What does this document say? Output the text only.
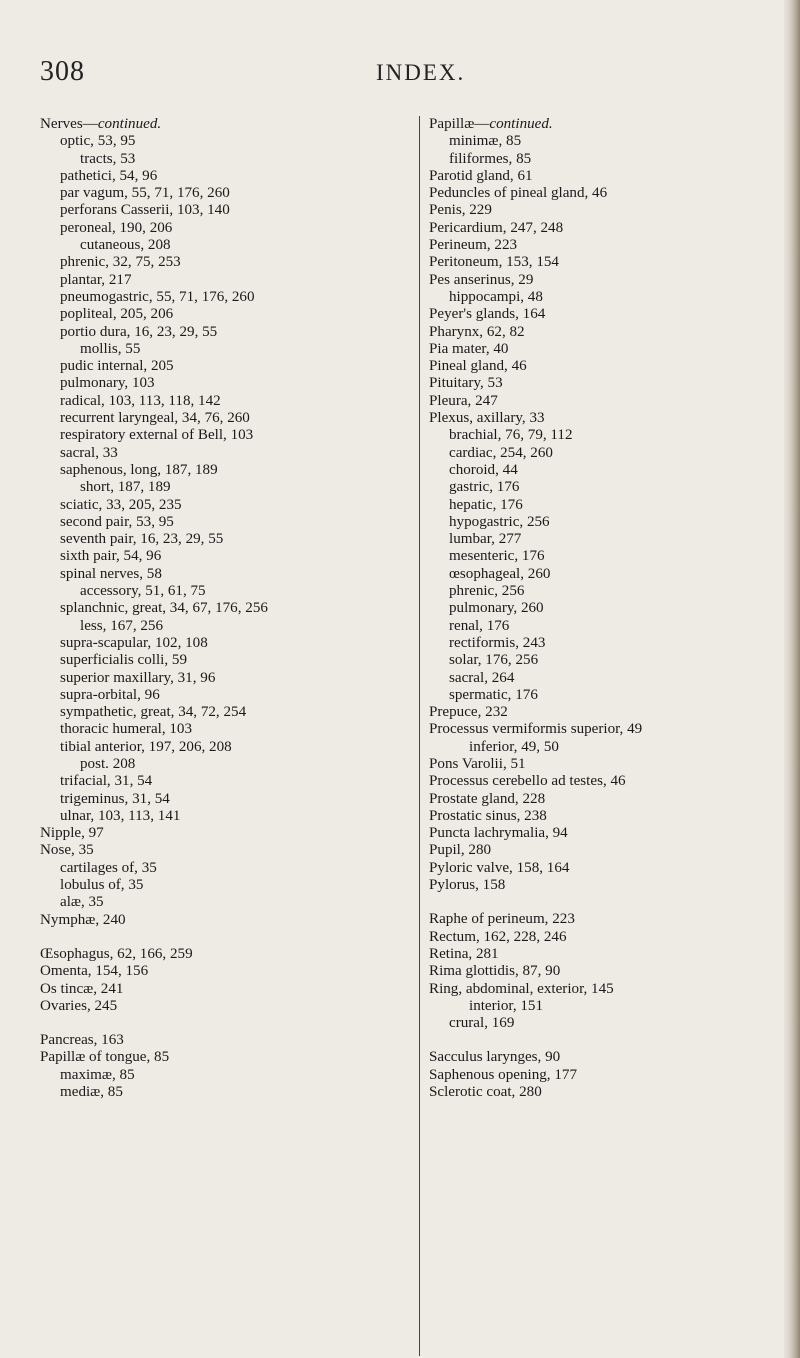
308	INDEX.
Nerves—continued.
optic, 53, 95
tracts, 53
pathetici, 54, 96
par vagum, 55, 71, 176, 260
perforans Casserii, 103, 140
peroneal, 190, 206
cutaneous, 208
phrenic, 32, 75, 253
plantar, 217
pneumogastric, 55, 71, 176, 260
popliteal, 205, 206
portio dura, 16, 23, 29, 55
mollis, 55
pudic internal, 205
pulmonary, 103
radical, 103, 113, 118, 142
recurrent laryngeal, 34, 76, 260
respiratory external of Bell, 103
sacral, 33
saphenous, long, 187, 189
short, 187, 189
sciatic, 33, 205, 235
second pair, 53, 95
seventh pair, 16, 23, 29, 55
sixth pair, 54, 96
spinal nerves, 58
accessory, 51, 61, 75
splanchnic, great, 34, 67, 176, 256
less, 167, 256
supra-scapular, 102, 108
superficialis colli, 59
superior maxillary, 31, 96
supra-orbital, 96
sympathetic, great, 34, 72, 254
thoracic humeral, 103
tibial anterior, 197, 206, 208
post. 208
trifacial, 31, 54
trigeminus, 31, 54
ulnar, 103, 113, 141
Nipple, 97
Nose, 35
cartilages of, 35
lobulus of, 35
alæ, 35
Nymphæ, 240
Œsophagus, 62, 166, 259
Omenta, 154, 156
Os tincæ, 241
Ovaries, 245
Pancreas, 163
Papillæ of tongue, 85
maximæ, 85
mediæ, 85
Papillæ—continued.
minimæ, 85
filiformes, 85
Parotid gland, 61
Peduncles of pineal gland, 46
Penis, 229
Pericardium, 247, 248
Perineum, 223
Peritoneum, 153, 154
Pes anserinus, 29
hippocampi, 48
Peyer's glands, 164
Pharynx, 62, 82
Pia mater, 40
Pineal gland, 46
Pituitary, 53
Pleura, 247
Plexus, axillary, 33
brachial, 76, 79, 112
cardiac, 254, 260
choroid, 44
gastric, 176
hepatic, 176
hypogastric, 256
lumbar, 277
mesenteric, 176
œsophageal, 260
phrenic, 256
pulmonary, 260
renal, 176
rectiformis, 243
solar, 176, 256
sacral, 264
spermatic, 176
Prepuce, 232
Processus vermiformis superior, 49
inferior, 49, 50
Pons Varolii, 51
Processus cerebello ad testes, 46
Prostate gland, 228
Prostatic sinus, 238
Puncta lachrymalia, 94
Pupil, 280
Pyloric valve, 158, 164
Pylorus, 158
Raphe of perineum, 223
Rectum, 162, 228, 246
Retina, 281
Rima glottidis, 87, 90
Ring, abdominal, exterior, 145
interior, 151
crural, 169
Sacculus larynges, 90
Saphenous opening, 177
Sclerotic coat, 280
